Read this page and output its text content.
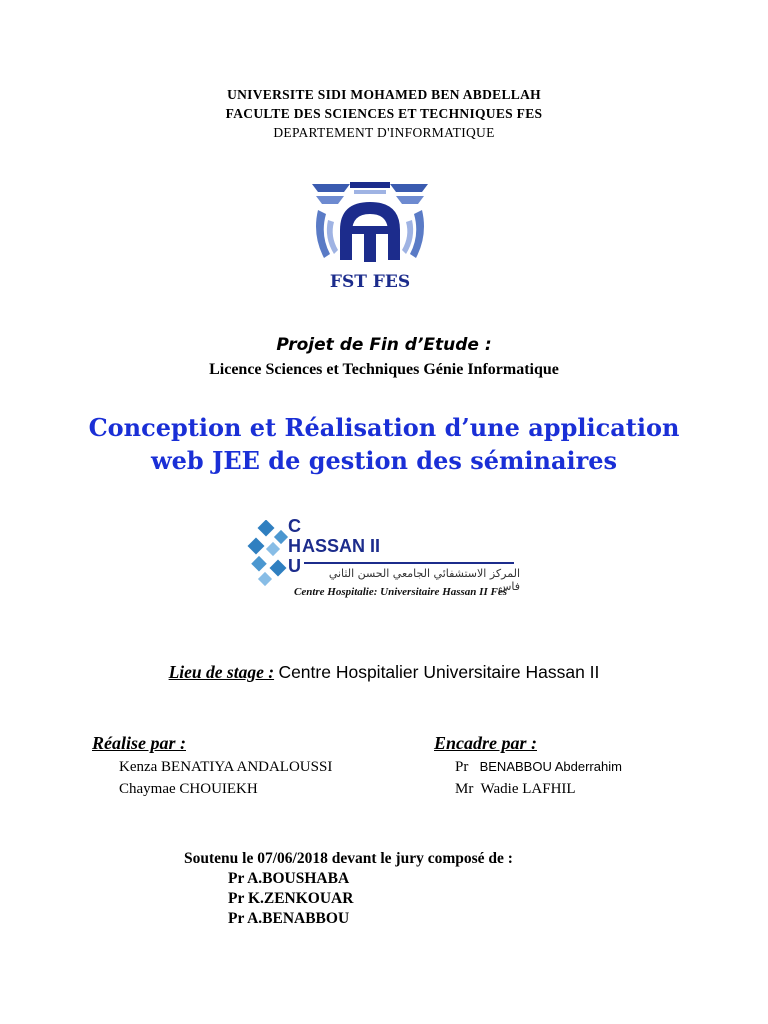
UNIVERSITE SIDI MOHAMED BEN ABDELLAH
FACULTE DES SCIENCES ET TECHNIQUES FES
DEPARTEMENT D'INFORMATIQUE
FST FES
Projet de Fin d’Etude :
Licence Sciences et Techniques Génie Informatique
Conception et Réalisation d’une application
web JEE de gestion des séminaires
C
H
U
ASSAN II
المركز الاستشفائي الجامعي الحسن الثاني فاس
Centre Hospitalie: Universitaire Hassan II Fès
Lieu de stage : Centre Hospitalier Universitaire Hassan II
Réalise par :
Kenza BENATIYA ANDALOUSSI
Chaymae CHOUIEKH
Encadre par :
Pr BENABBOU Abderrahim
Mr  Wadie LAFHIL
Soutenu le 07/06/2018 devant le jury composé de :
Pr A.BOUSHABA
Pr K.ZENKOUAR
Pr A.BENABBOU
